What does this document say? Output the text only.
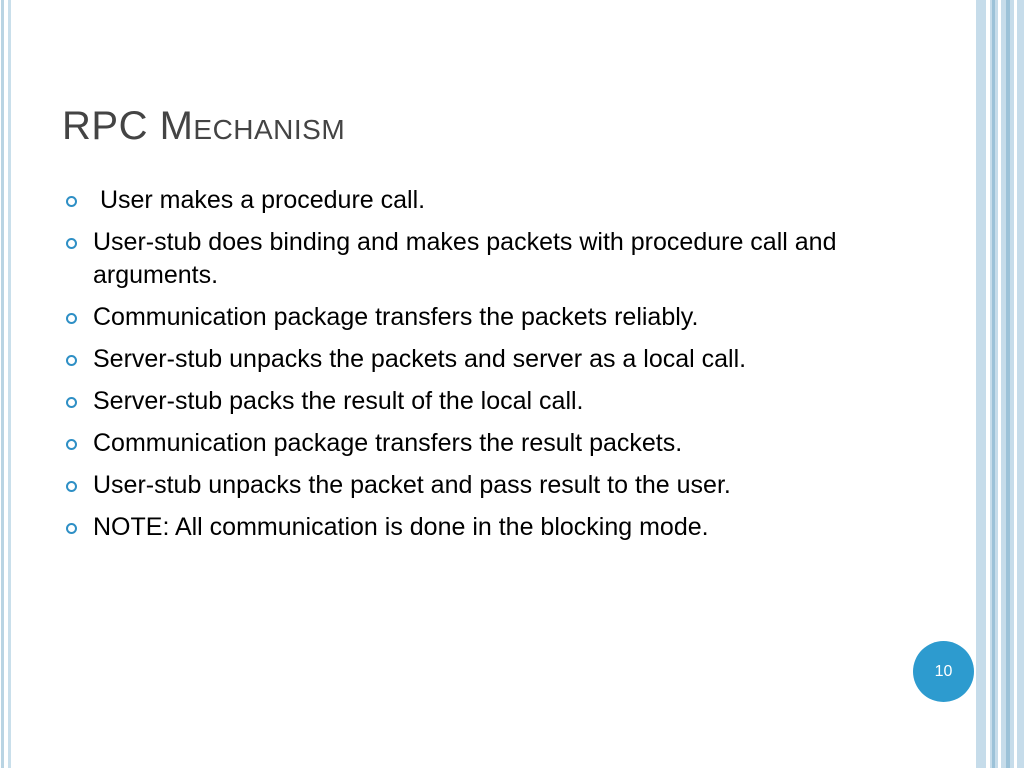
RPC Mechanism
User makes a procedure call.
User-stub does binding and makes packets with procedure call and arguments.
Communication package transfers the packets reliably.
Server-stub unpacks the packets and server as a local call.
Server-stub packs the result of the local call.
Communication package transfers the result packets.
User-stub unpacks the packet and pass result to the user.
NOTE: All communication is done in the blocking mode.
10
